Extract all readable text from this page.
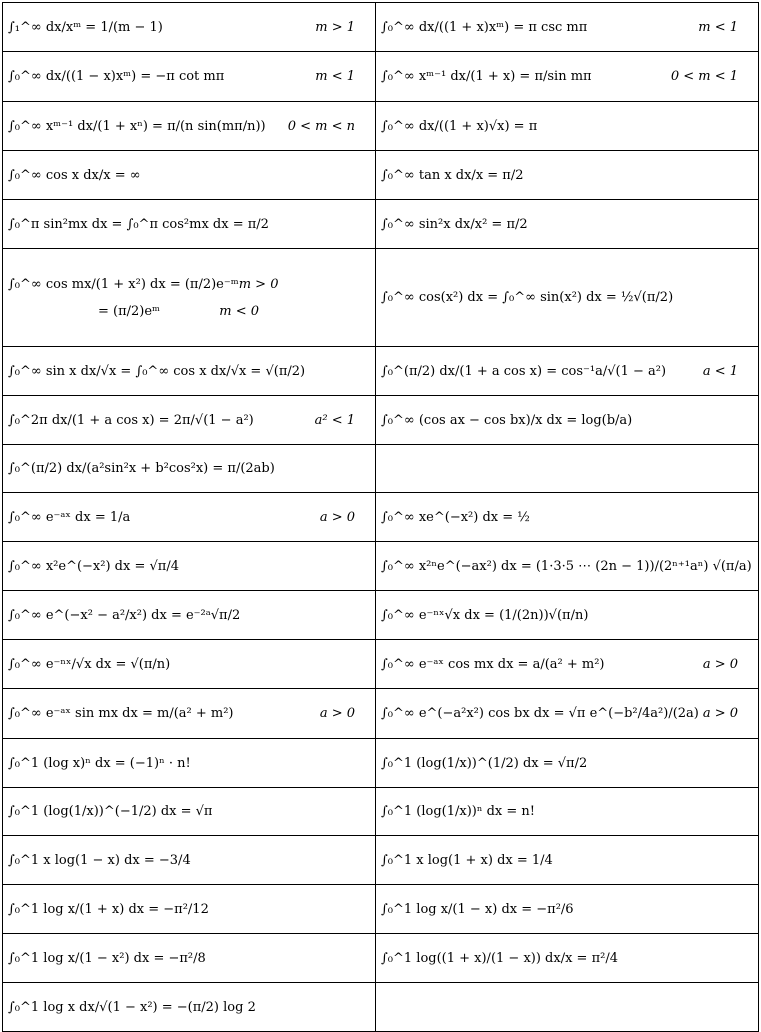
∫₁^∞ dx/xᵐ = 1/(m − 1) m > 1	∫₀^∞ dx/((1 + x)xᵐ) = π csc mπ m < 1

∫₀^∞ dx/((1 − x)xᵐ) = −π cot mπ m < 1	∫₀^∞ xᵐ⁻¹ dx/(1 + x) = π/sin mπ 0 < m < 1

∫₀^∞ xᵐ⁻¹ dx/(1 + xⁿ) = π/(n sin(mπ/n)) 0 < m < n	∫₀^∞ dx/((1 + x)√x) = π

∫₀^∞ cos x dx/x = ∞	∫₀^∞ tan x dx/x = π/2

∫₀^π sin²mx dx = ∫₀^π cos²mx dx = π/2	∫₀^∞ sin²x dx/x² = π/2

∫₀^∞ cos mx/(1 + x²) dx = (π/2)e⁻ᵐ m > 0
= (π/2)eᵐ m < 0	∫₀^∞ cos(x²) dx = ∫₀^∞ sin(x²) dx = ½√(π/2)

∫₀^∞ sin x dx/√x = ∫₀^∞ cos x dx/√x = √(π/2)	∫₀^(π/2) dx/(1 + a cos x) = cos⁻¹a/√(1 − a²) a < 1

∫₀^2π dx/(1 + a cos x) = 2π/√(1 − a²) a² < 1	∫₀^∞ (cos ax − cos bx)/x dx = log(b/a)

∫₀^(π/2) dx/(a²sin²x + b²cos²x) = π/(2ab)	

∫₀^∞ e⁻ᵃˣ dx = 1/a a > 0	∫₀^∞ xe^(−x²) dx = ½

∫₀^∞ x²e^(−x²) dx = √π/4	∫₀^∞ x²ⁿe^(−ax²) dx = (1·3·5 ⋯ (2n − 1))/(2ⁿ⁺¹aⁿ) √(π/a)

∫₀^∞ e^(−x² − a²/x²) dx = e⁻²ᵃ√π/2	∫₀^∞ e⁻ⁿˣ√x dx = (1/(2n))√(π/n)

∫₀^∞ e⁻ⁿˣ/√x dx = √(π/n)	∫₀^∞ e⁻ᵃˣ cos mx dx = a/(a² + m²) a > 0

∫₀^∞ e⁻ᵃˣ sin mx dx = m/(a² + m²) a > 0	∫₀^∞ e^(−a²x²) cos bx dx = √π e^(−b²/4a²)/(2a) a > 0

∫₀^1 (log x)ⁿ dx = (−1)ⁿ · n!	∫₀^1 (log(1/x))^(1/2) dx = √π/2

∫₀^1 (log(1/x))^(−1/2) dx = √π	∫₀^1 (log(1/x))ⁿ dx = n!

∫₀^1 x log(1 − x) dx = −3/4	∫₀^1 x log(1 + x) dx = 1/4

∫₀^1 log x/(1 + x) dx = −π²/12	∫₀^1 log x/(1 − x) dx = −π²/6

∫₀^1 log x/(1 − x²) dx = −π²/8	∫₀^1 log((1 + x)/(1 − x)) dx/x = π²/4

∫₀^1 log x dx/√(1 − x²) = −(π/2) log 2	
